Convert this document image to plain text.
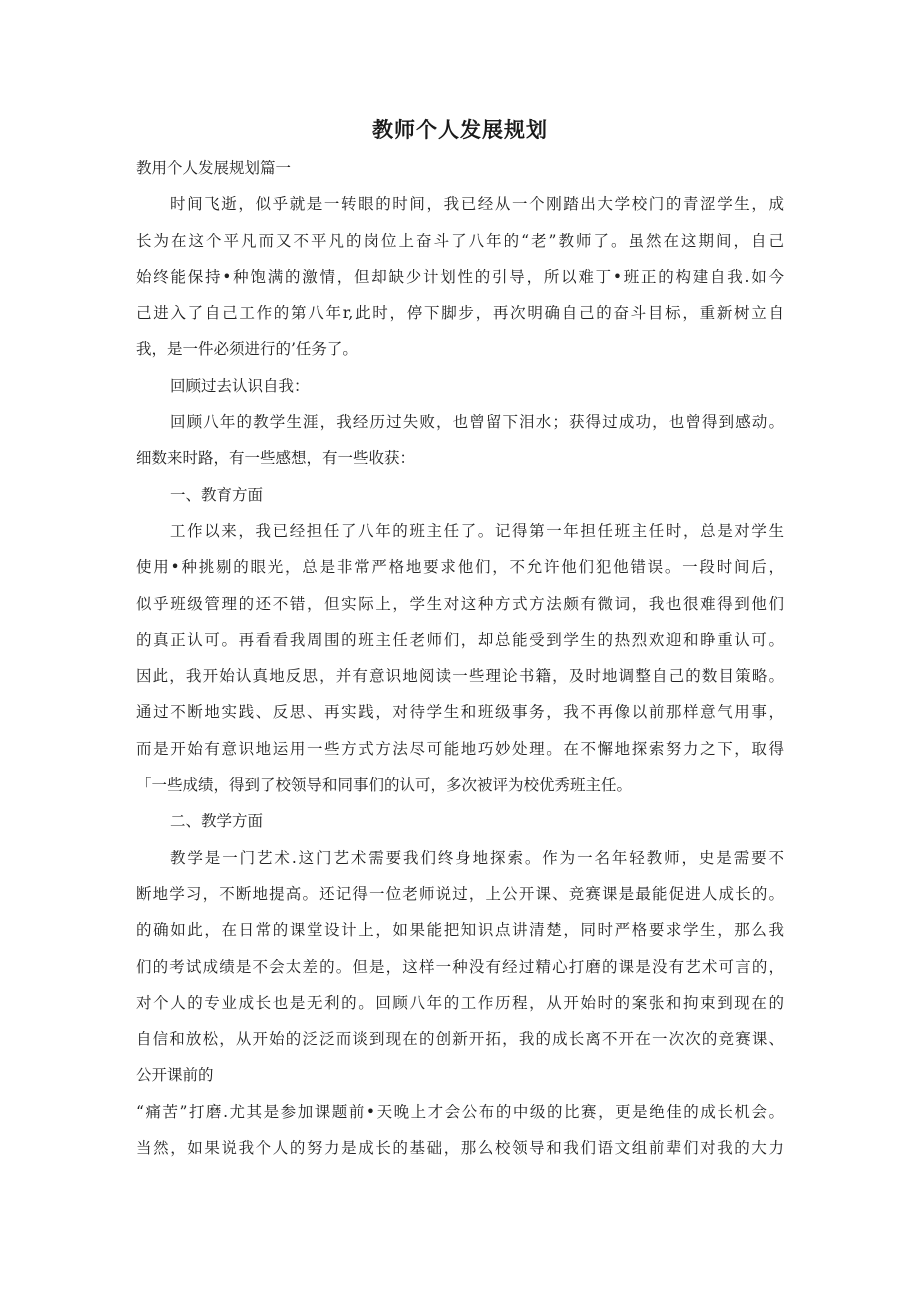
教师个人发展规划
教用个人发展规划篇一
时间飞逝，似乎就是一转眼的时间，我已经从一个刚踏出大学校门的青涩学生，成
长为在这个平凡而又不平凡的岗位上奋斗了八年的“老”教师了。虽然在这期间，自己
始终能保持•种饱满的激情，但却缺少计划性的引导，所以难丁•班正的构建自我.如今
己进入了自己工作的第八年r,此时，停下脚步，再次明确自己的奋斗目标，重新树立自
我，是一件必须进行的’任务了。
回顾过去认识自我：
回顾八年的教学生涯，我经历过失败，也曾留下泪水；获得过成功，也曾得到感动。
细数来时路，有一些感想，有一些收获：
一、教育方面
工作以来，我已经担任了八年的班主任了。记得第一年担任班主任时，总是对学生
使用•种挑剔的眼光，总是非常严格地要求他们，不允许他们犯他错误。一段时间后，
似乎班级管理的还不错，但实际上，学生对这种方式方法颇有微词，我也很难得到他们
的真正认可。再看看我周围的班主任老师们，却总能受到学生的热烈欢迎和睁重认可。
因此，我开始认真地反思，并有意识地阅读一些理论书籍，及时地调整自己的数目策略。
通过不断地实践、反思、再实践，对待学生和班级事务，我不再像以前那样意气用事，
而是开始有意识地运用一些方式方法尽可能地巧妙处理。在不懈地探索努力之下，取得
「一些成绩，得到了校领导和同事们的认可，多次被评为校优秀班主任。
二、教学方面
教学是一门艺术.这门艺术需要我们终身地探索。作为一名年轻教师，史是需要不
断地学习，不断地提高。还记得一位老师说过，上公开课、竞赛课是最能促进人成长的。
的确如此，在日常的课堂设计上，如果能把知识点讲清楚，同时严格要求学生，那么我
们的考试成绩是不会太差的。但是，这样一种没有经过精心打磨的课是没有艺术可言的，
对个人的专业成长也是无利的。回顾八年的工作历程，从开始时的案张和拘束到现在的
自信和放松，从开始的泛泛而谈到现在的创新开拓，我的成长离不开在一次次的竞赛课、
公开课前的
“痛苦”打磨.尤其是参加课题前•天晚上才会公布的中级的比赛，更是绝佳的成长机会。
当然，如果说我个人的努力是成长的基础，那么校领导和我们语文组前辈们对我的大力
